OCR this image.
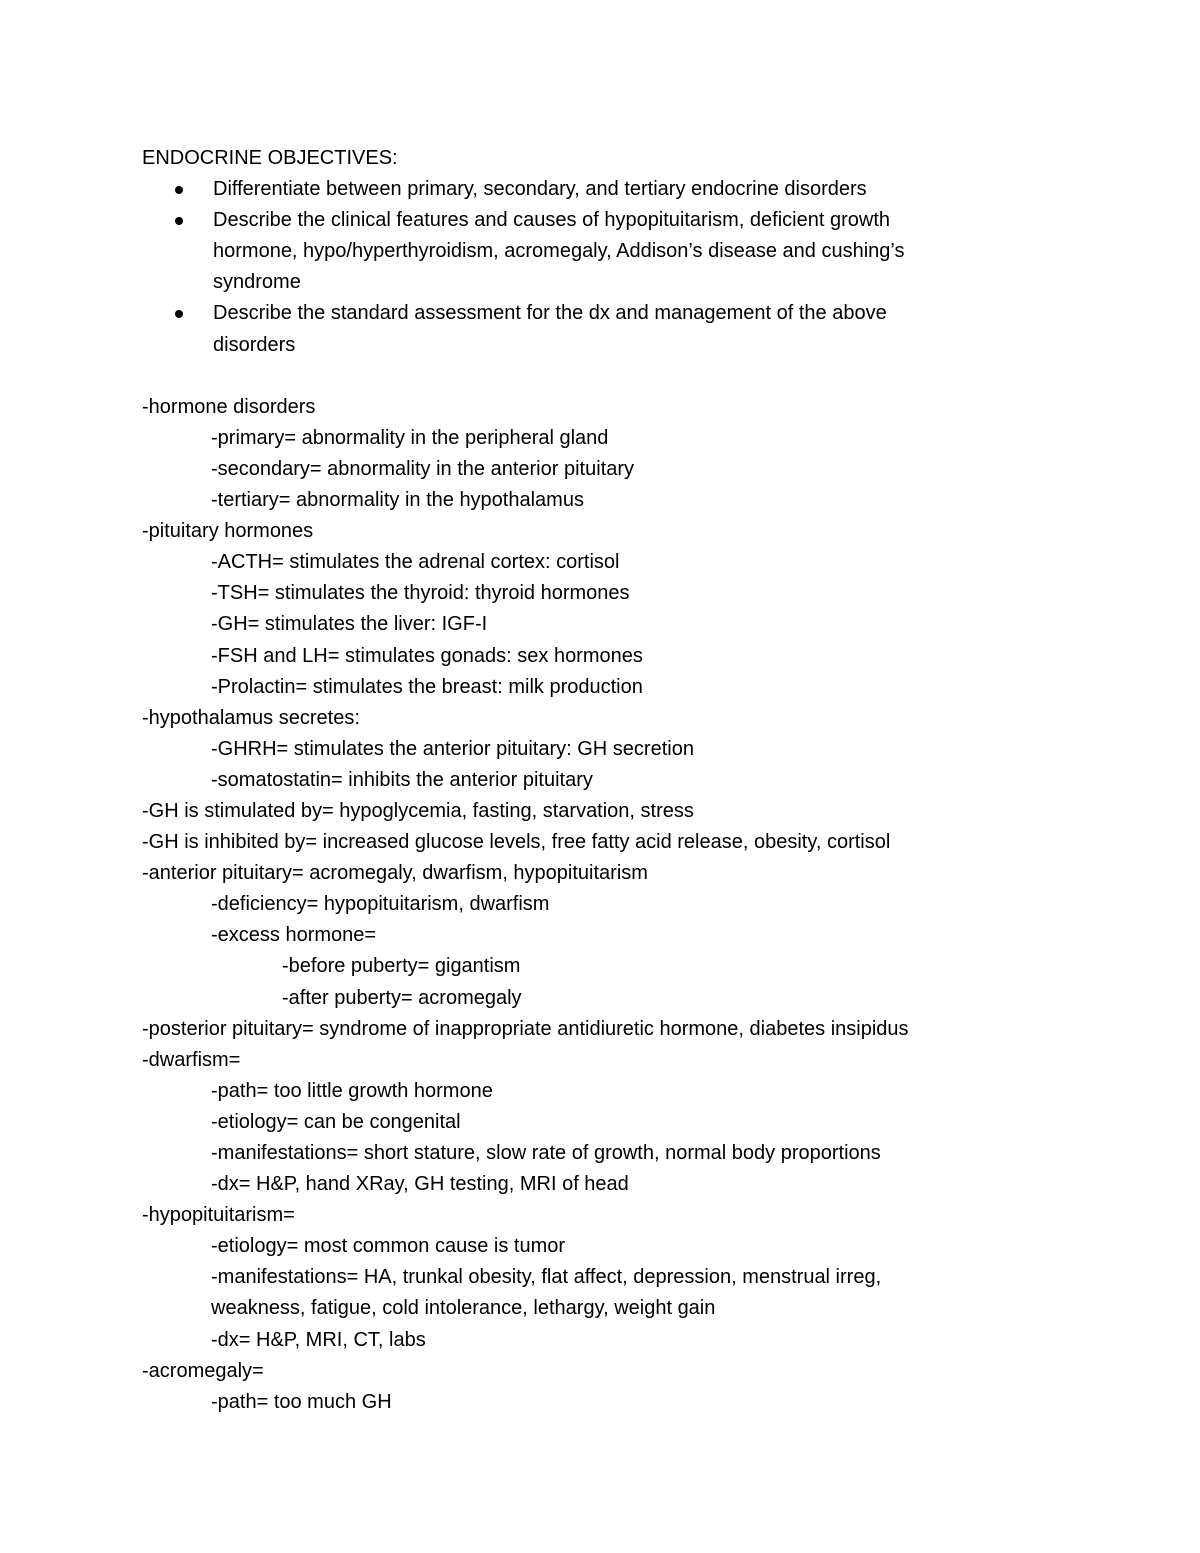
ENDOCRINE OBJECTIVES:
Differentiate between primary, secondary, and tertiary endocrine disorders
Describe the clinical features and causes of hypopituitarism, deficient growth
hormone, hypo/hyperthyroidism, acromegaly, Addison’s disease and cushing’s
syndrome
Describe the standard assessment for the dx and management of the above
disorders
-hormone disorders
-primary= abnormality in the peripheral gland
-secondary= abnormality in the anterior pituitary
-tertiary= abnormality in the hypothalamus
-pituitary hormones
-ACTH= stimulates the adrenal cortex: cortisol
-TSH= stimulates the thyroid: thyroid hormones
-GH= stimulates the liver: IGF-I
-FSH and LH= stimulates gonads: sex hormones
-Prolactin= stimulates the breast: milk production
-hypothalamus secretes:
-GHRH= stimulates the anterior pituitary: GH secretion
-somatostatin= inhibits the anterior pituitary
-GH is stimulated by= hypoglycemia, fasting, starvation, stress
-GH is inhibited by= increased glucose levels, free fatty acid release, obesity, cortisol
-anterior pituitary= acromegaly, dwarfism, hypopituitarism
-deficiency= hypopituitarism, dwarfism
-excess hormone=
-before puberty= gigantism
-after puberty= acromegaly
-posterior pituitary= syndrome of inappropriate antidiuretic hormone, diabetes insipidus
-dwarfism=
-path= too little growth hormone
-etiology= can be congenital
-manifestations= short stature, slow rate of growth, normal body proportions
-dx= H&P, hand XRay, GH testing, MRI of head
-hypopituitarism=
-etiology= most common cause is tumor
-manifestations= HA, trunkal obesity, flat affect, depression, menstrual irreg,
weakness, fatigue, cold intolerance, lethargy, weight gain
-dx= H&P, MRI, CT, labs
-acromegaly=
-path= too much GH
